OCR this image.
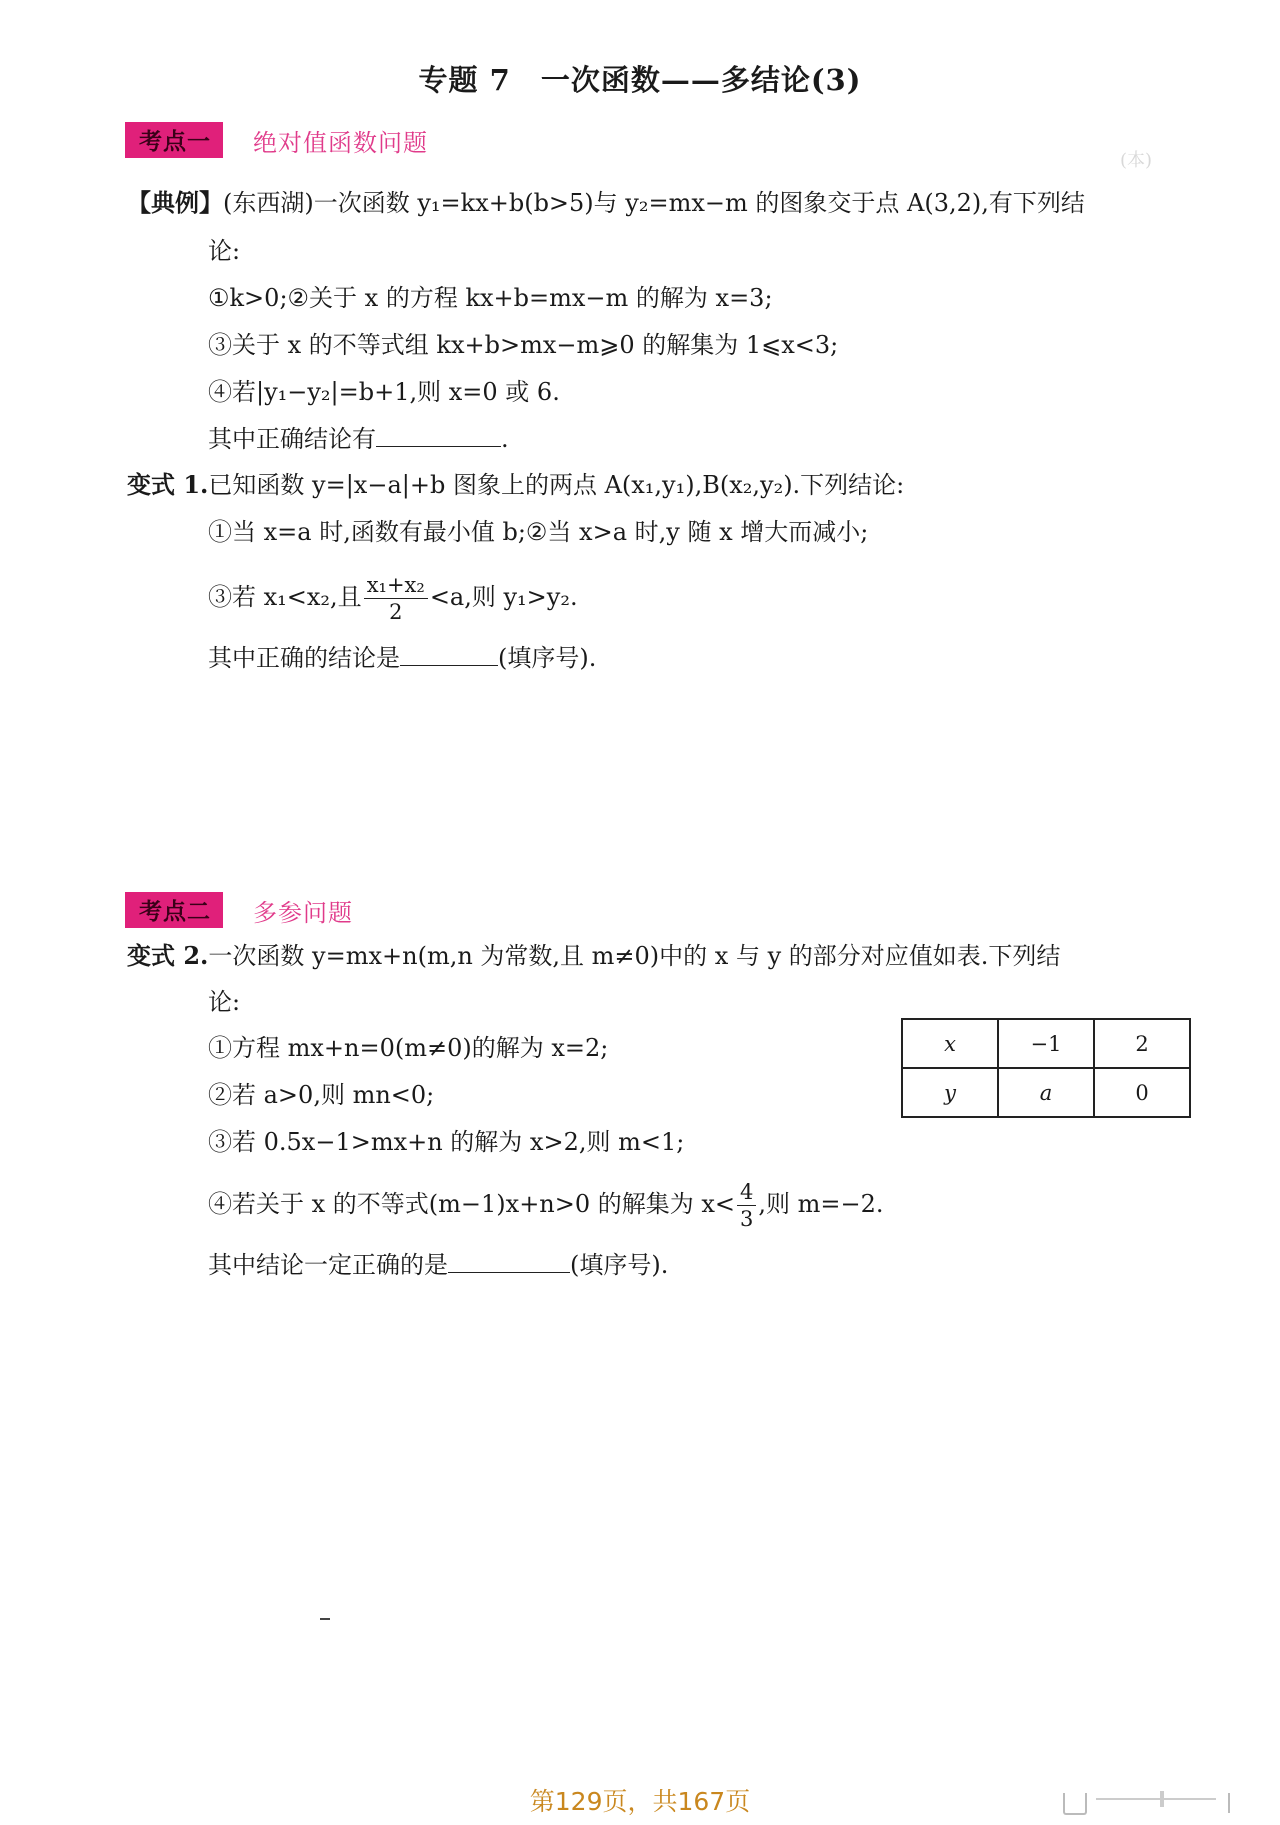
专题 7　一次函数——多结论(3)
(本)
考点一	绝对值函数问题
【典例】(东西湖)一次函数 y₁=kx+b(b>5)与 y₂=mx−m 的图象交于点 A(3,2),有下列结
论:
①k>0;②关于 x 的方程 kx+b=mx−m 的解为 x=3;
③关于 x 的不等式组 kx+b>mx−m⩾0 的解集为 1⩽x<3;
④若|y₁−y₂|=b+1,则 x=0 或 6.
其中正确结论有	.
变式 1.已知函数 y=|x−a|+b 图象上的两点 A(x₁,y₁),B(x₂,y₂).下列结论:
①当 x=a 时,函数有最小值 b;②当 x>a 时,y 随 x 增大而减小;
③若 x₁<x₂,且 $\frac{\text{x₁+x₂}}{2} <a$,则 y₁>y₂.
其中正确的结论是	(填序号).
考点二	多参问题
变式 2.一次函数 y=mx+n(m,n 为常数,且 m≠0)中的 x 与 y 的部分对应值如表.下列结
论:
①方程 mx+n=0(m≠0)的解为 x=2;
②若 a>0,则 mn<0;
③若 0.5x−1>mx+n 的解为 x>2,则 m<1;
④若关于 x 的不等式(m−1)x+n>0 的解集为 $x< \frac{4}{3}$ ,则 m=−2.
其中结论一定正确的是	(填序号).
x	−1	2
y	a	0
第129页，共167页
